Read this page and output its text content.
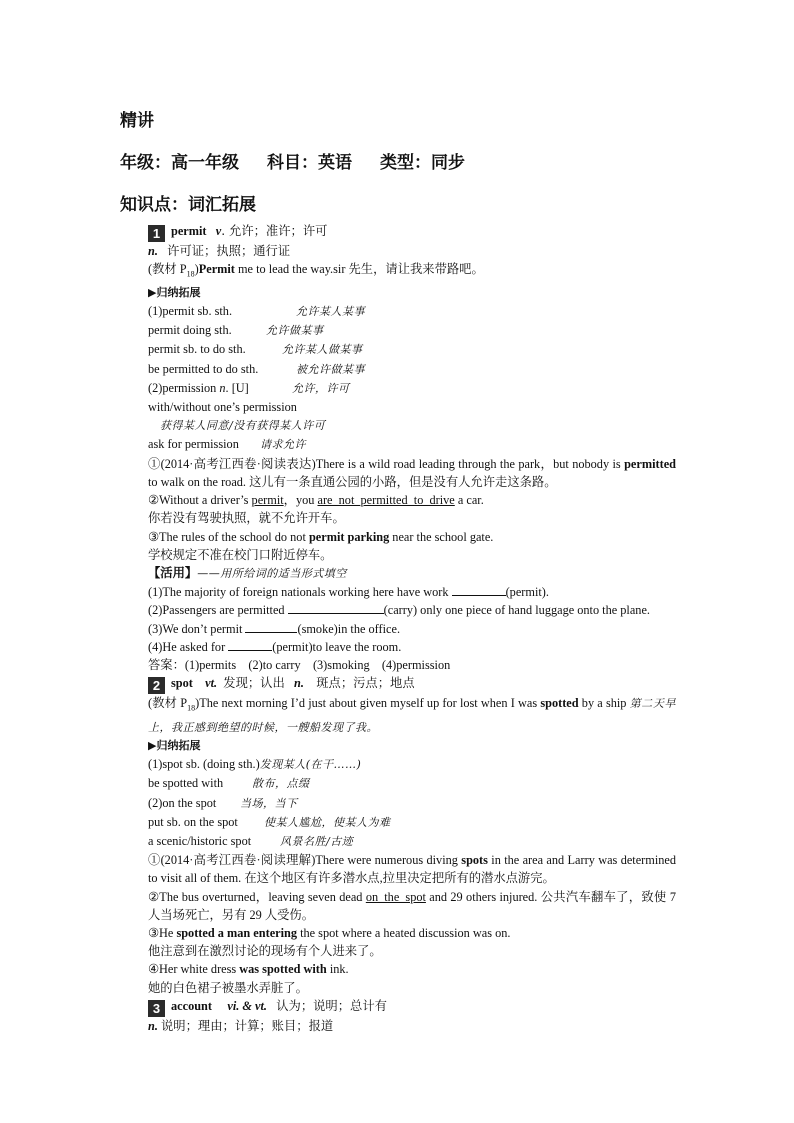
精讲
年级：高一年级 科目：英语 类型：同步
知识点：词汇拓展
1 permit v. 允许；准许；许可
n. 许可证；执照；通行证
(教材 $P_{18})Permit$ me to lead the way.sir 先生，请让我来带路吧。
▶归纳拓展
(1)permit sb. sth.	允许某人某事
permit doing sth.	允许做某事
permit sb. to do sth.	允许某人做某事
be permitted to do sth.	被允许做某事
(2)permission n. [U]	允许，许可
with/without one’s permission
获得某人同意/没有获得某人许可
ask for permission 请求允许
①(2014·高考江西卷·阅读表达)There is a wild road leading through the park，but nobody is permitted to walk on the road. 这儿有一条直通公园的小路，但是没有人允许走这条路。
②Without a driver’s permit，you are_not_permitted_to_drive a car.
你若没有驾驶执照，就不允许开车。
③The rules of the school do not permit parking near the school gate.
学校规定不准在校门口附近停车。
【活用】——用所给词的适当形式填空
(1)The majority of foreign nationals working here have work	(permit).
(2)Passengers are permitted	(carry) only one piece of hand luggage onto the plane.
(3)We don’t permit	(smoke)in the office.
(4)He asked for	(permit)to leave the room.
答案：(1)permits　(2)to carry　(3)smoking　(4)permission
2 spot vt. 发现；认出 n. 斑点；污点；地点
(教材 $P_{18})The$ next morning I’d just about given myself up for lost when I was spotted by a ship 第二天早上，我正感到绝望的时候，一艘船发现了我。
▶归纳拓展
(1)spot sb. (doing sth.)发现某人(在干……)
be spotted with	散布，点缀
(2)on the spot 当场，当下
put sb. on the spot 使某人尴尬，使某人为难
a scenic/historic spot	风景名胜/古迹
①(2014·高考江西卷·阅读理解)There were numerous diving spots in the area and Larry was determined to visit all of them. 在这个地区有许多潜水点,拉里决定把所有的潜水点游完。
②The bus overturned，leaving seven dead on_the_spot and 29 others injured. 公共汽车翻车了，致使 7 人当场死亡，另有 29 人受伤。
③He spotted a man entering the spot where a heated discussion was on.
他注意到在激烈讨论的现场有个人进来了。
④Her white dress was spotted with ink.
她的白色裙子被墨水弄脏了。
3 account vi. & vt. 认为；说明；总计有
n. 说明；理由；计算；账目；报道
